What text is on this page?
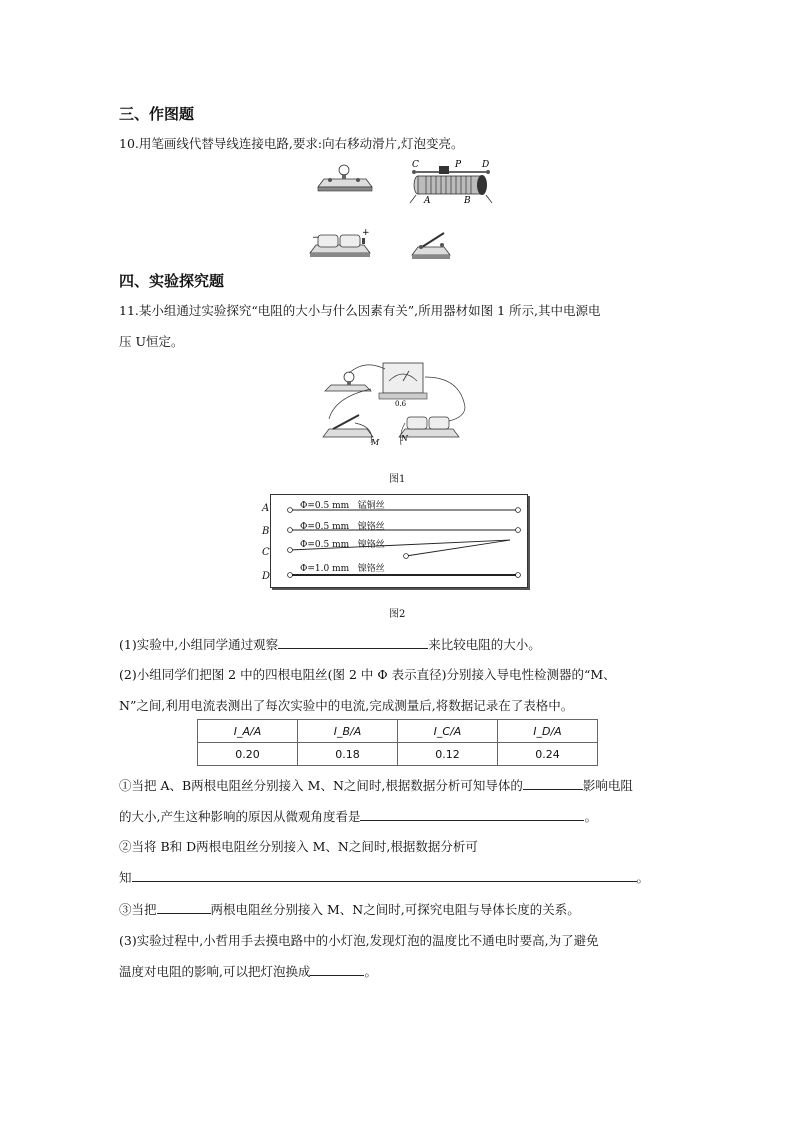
三、作图题
10.用笔画线代替导线连接电路,要求:向右移动滑片,灯泡变亮。
C	P D
A	B
−	+
四、实验探究题
11.某小组通过实验探究“电阻的大小与什么因素有关”,所用器材如图 1 所示,其中电源电
压 U恒定。
0.6
M	N
图1
A
B
C
D
Φ=0.5 mm 锰铜丝
Φ=0.5 mm 镍铬丝
Φ=0.5 mm 镍铬丝
Φ=1.0 mm 镍铬丝
图2
(1)实验中,小组同学通过观察	来比较电阻的大小。
(2)小组同学们把图 2 中的四根电阻丝(图 2 中 Φ 表示直径)分别接入导电性检测器的“M、
N”之间,利用电流表测出了每次实验中的电流,完成测量后,将数据记录在了表格中。
I_A/A	I_B/A	I_C/A	I_D/A
0.20	0.18	0.12	0.24
①当把 A、B两根电阻丝分别接入 M、N之间时,根据数据分析可知导体的	影响电阻
的大小,产生这种影响的原因从微观角度看是	。
②当将 B和 D两根电阻丝分别接入 M、N之间时,根据数据分析可
知	。
③当把	两根电阻丝分别接入 M、N之间时,可探究电阻与导体长度的关系。
(3)实验过程中,小哲用手去摸电路中的小灯泡,发现灯泡的温度比不通电时要高,为了避免
温度对电阻的影响,可以把灯泡换成	。
